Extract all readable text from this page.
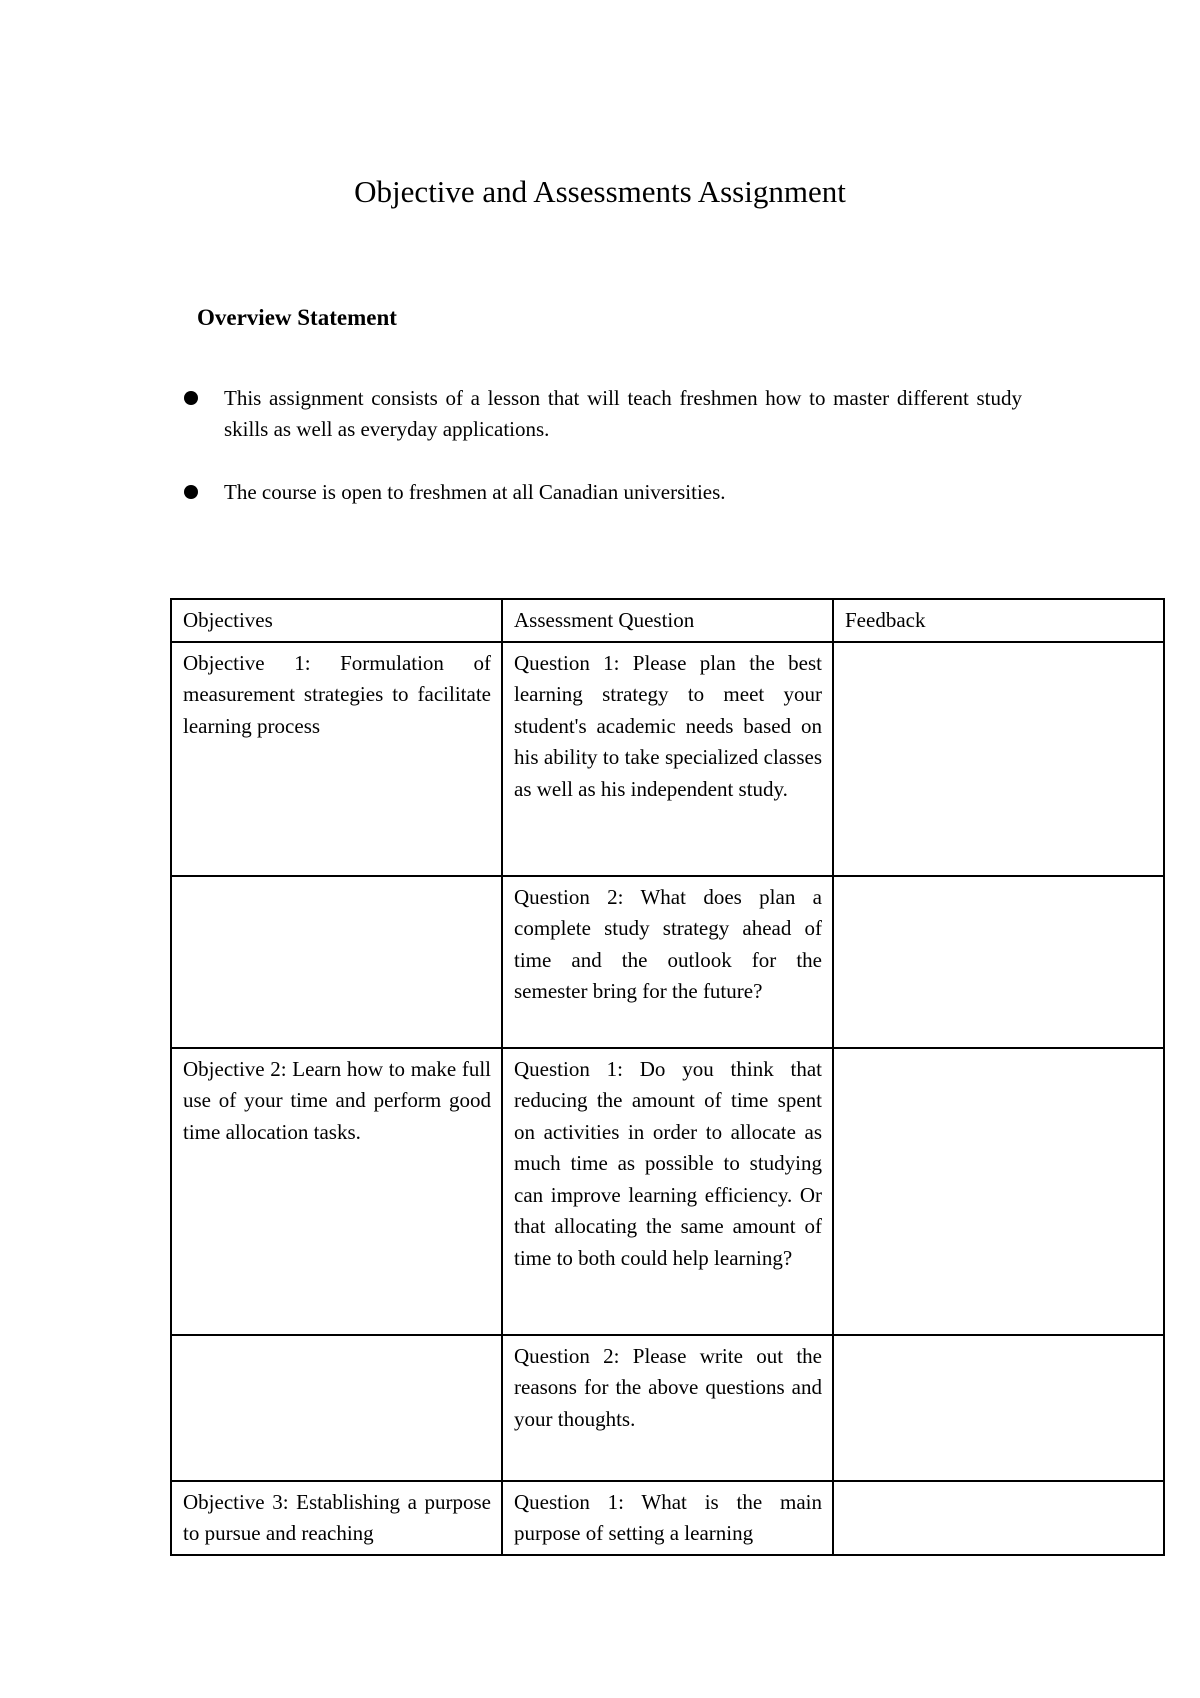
Objective and Assessments Assignment
Overview Statement
This assignment consists of a lesson that will teach freshmen how to master different study skills as well as everyday applications.
The course is open to freshmen at all Canadian universities.
Objectives	Assessment Question	Feedback

Objective 1: Formulation of measurement strategies to facilitate learning process	Question 1: Please plan the best learning strategy to meet your student's academic needs based on his ability to take specialized classes as well as his independent study.	

	Question 2: What does plan a complete study strategy ahead of time and the outlook for the semester bring for the future?	

Objective 2: Learn how to make full use of your time and perform good time allocation tasks.	Question 1: Do you think that reducing the amount of time spent on activities in order to allocate as much time as possible to studying can improve learning efficiency. Or that allocating the same amount of time to both could help learning?	

	Question 2: Please write out the reasons for the above questions and your thoughts.	

Objective 3: Establishing a purpose to pursue and reaching	Question 1: What is the main purpose of setting a learning	
